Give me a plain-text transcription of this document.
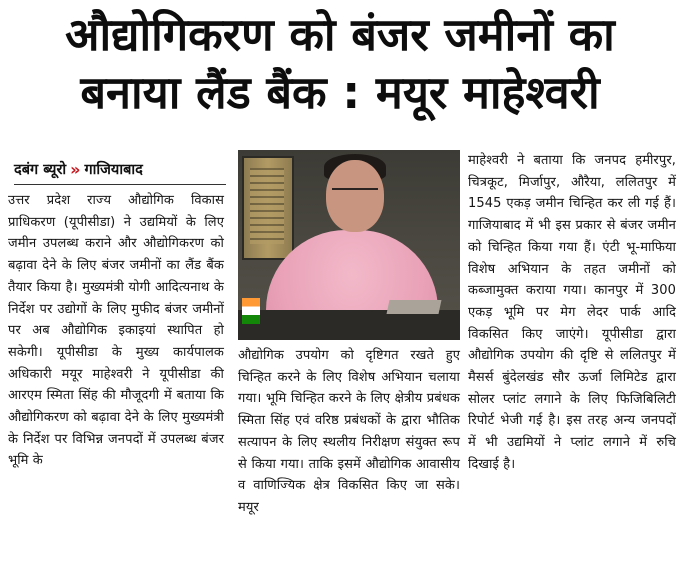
औद्योगिकरण को बंजर जमीनों का
बनाया लैंड बैंक : मयूर माहेश्वरी
दबंग ब्यूरो » गाजियाबाद

उत्तर प्रदेश राज्य औद्योगिक विकास प्राधिकरण (यूपीसीडा) ने उद्यमियों के लिए जमीन उपलब्ध कराने और औद्योगिकरण को बढ़ावा देने के लिए बंजर जमीनों का लैंड बैंक तैयार किया है। मुख्यमंत्री योगी आदित्यनाथ के निर्देश पर उद्योगों के लिए मुफीद बंजर जमीनों पर अब औद्योगिक इकाइयां स्थापित हो सकेगी। यूपीसीडा के मुख्य कार्यपालक अधिकारी मयूर माहेश्वरी ने यूपीसीडा की आरएम स्मिता सिंह की मौजूदगी में बताया कि औद्योगिकरण को बढ़ावा देने के लिए मुख्यमंत्री के निर्देश पर विभिन्न जनपदों में उपलब्ध बंजर भूमि के

औद्योगिक उपयोग को दृष्टिगत रखते हुए चिन्हित करने के लिए विशेष अभियान चलाया गया। भूमि चिन्हित करने के लिए क्षेत्रीय प्रबंधक स्मिता सिंह एवं वरिष्ठ प्रबंधकों के द्वारा भौतिक सत्यापन के लिए स्थलीय निरीक्षण संयुक्त रूप से किया गया। ताकि इसमें औद्योगिक आवासीय व वाणिज्यिक क्षेत्र विकसित किए जा सके। मयूर

माहेश्वरी ने बताया कि जनपद हमीरपुर, चित्रकूट, मिर्जापुर, औरैया, ललितपुर में 1545 एकड़ जमीन चिन्हित कर ली गई हैं। गाजियाबाद में भी इस प्रकार से बंजर जमीन को चिन्हित किया गया हैं। एंटी भू-माफिया विशेष अभियान के तहत जमीनों को कब्जामुक्त कराया गया। कानपुर में 300 एकड़ भूमि पर मेग लेदर पार्क आदि विकसित किए जाएंगे। यूपीसीडा द्वारा औद्योगिक उपयोग की दृष्टि से ललितपुर में मैसर्स बुंदेलखंड सौर ऊर्जा लिमिटेड द्वारा सोलर प्लांट लगाने के लिए फिजिबिलिटी रिपोर्ट भेजी गई है। इस तरह अन्य जनपदों में भी उद्यमियों ने प्लांट लगाने में रुचि दिखाई है।
